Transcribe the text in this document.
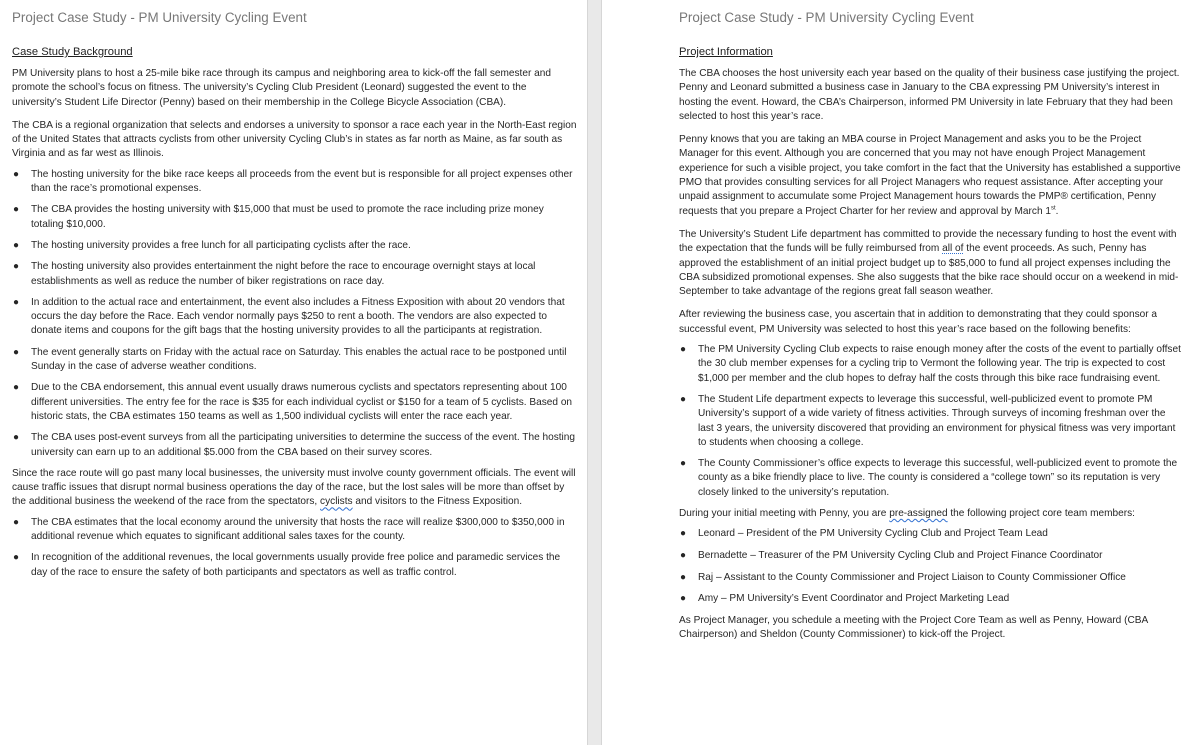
Project Case Study - PM University Cycling Event
Case Study Background

PM University plans to host a 25-mile bike race through its campus and neighboring area to kick-off the fall semester and promote the school’s focus on fitness. The university’s Cycling Club President (Leonard) suggested the event to the university’s Student Life Director (Penny) based on their membership in the College Bicycle Association (CBA).

The CBA is a regional organization that selects and endorses a university to sponsor a race each year in the North-East region of the United States that attracts cyclists from other university Cycling Club’s in states as far north as Maine, as far south as Virginia and as far west as Illinois.

● The hosting university for the bike race keeps all proceeds from the event but is responsible for all project expenses other than the race’s promotional expenses.
● The CBA provides the hosting university with $15,000 that must be used to promote the race including prize money totaling $10,000.
● The hosting university provides a free lunch for all participating cyclists after the race.
● The hosting university also provides entertainment the night before the race to encourage overnight stays at local establishments as well as reduce the number of biker registrations on race day.
● In addition to the actual race and entertainment, the event also includes a Fitness Exposition with about 20 vendors that occurs the day before the Race. Each vendor normally pays $250 to rent a booth. The vendors are also expected to donate items and coupons for the gift bags that the hosting university provides to all the participants at registration.
● The event generally starts on Friday with the actual race on Saturday. This enables the actual race to be postponed until Sunday in the case of adverse weather conditions.
● Due to the CBA endorsement, this annual event usually draws numerous cyclists and spectators representing about 100 different universities. The entry fee for the race is $35 for each individual cyclist or $150 for a team of 5 cyclists. Based on historic stats, the CBA estimates 150 teams as well as 1,500 individual cyclists will enter the race each year.
● The CBA uses post-event surveys from all the participating universities to determine the success of the event. The hosting university can earn up to an additional $5.000 from the CBA based on their survey scores.

Since the race route will go past many local businesses, the university must involve county government officials. The event will cause traffic issues that disrupt normal business operations the day of the race, but the lost sales will be more than offset by the additional business the weekend of the race from the spectators, cyclists and visitors to the Fitness Exposition.

● The CBA estimates that the local economy around the university that hosts the race will realize $300,000 to $350,000 in additional revenue which equates to significant additional sales taxes for the county.
● In recognition of the additional revenues, the local governments usually provide free police and paramedic services the day of the race to ensure the safety of both participants and spectators as well as traffic control.
Project Case Study - PM University Cycling Event
Project Information

The CBA chooses the host university each year based on the quality of their business case justifying the project. Penny and Leonard submitted a business case in January to the CBA expressing PM University’s interest in hosting the event. Howard, the CBA’s Chairperson, informed PM University in late February that they had been selected to host this year’s race.

Penny knows that you are taking an MBA course in Project Management and asks you to be the Project Manager for this event. Although you are concerned that you may not have enough Project Management experience for such a visible project, you take comfort in the fact that the University has established a supportive PMO that provides consulting services for all Project Managers who request assistance. After accepting your unpaid assignment to accumulate some Project Management hours towards the PMP® certification, Penny requests that you prepare a Project Charter for her review and approval by March 1st.

The University’s Student Life department has committed to provide the necessary funding to host the event with the expectation that the funds will be fully reimbursed from all of the event proceeds. As such, Penny has approved the establishment of an initial project budget up to $85,000 to fund all project expenses including the CBA subsidized promotional expenses. She also suggests that the bike race should occur on a weekend in mid-September to take advantage of the regions great fall season weather.

After reviewing the business case, you ascertain that in addition to demonstrating that they could sponsor a successful event, PM University was selected to host this year’s race based on the following benefits:

● The PM University Cycling Club expects to raise enough money after the costs of the event to partially offset the 30 club member expenses for a cycling trip to Vermont the following year. The trip is expected to cost $1,000 per member and the club hopes to defray half the costs through this bike race fundraising event.
● The Student Life department expects to leverage this successful, well-publicized event to promote PM University’s support of a wide variety of fitness activities. Through surveys of incoming freshman over the last 3 years, the university discovered that providing an environment for physical fitness was very important to students when choosing a college.
● The County Commissioner’s office expects to leverage this successful, well-publicized event to promote the county as a bike friendly place to live. The county is considered a “college town” so its reputation is very closely linked to the university’s reputation.

During your initial meeting with Penny, you are pre-assigned the following project core team members:

● Leonard – President of the PM University Cycling Club and Project Team Lead
● Bernadette – Treasurer of the PM University Cycling Club and Project Finance Coordinator
● Raj – Assistant to the County Commissioner and Project Liaison to County Commissioner Office
● Amy – PM University’s Event Coordinator and Project Marketing Lead

As Project Manager, you schedule a meeting with the Project Core Team as well as Penny, Howard (CBA Chairperson) and Sheldon (County Commissioner) to kick-off the Project.
